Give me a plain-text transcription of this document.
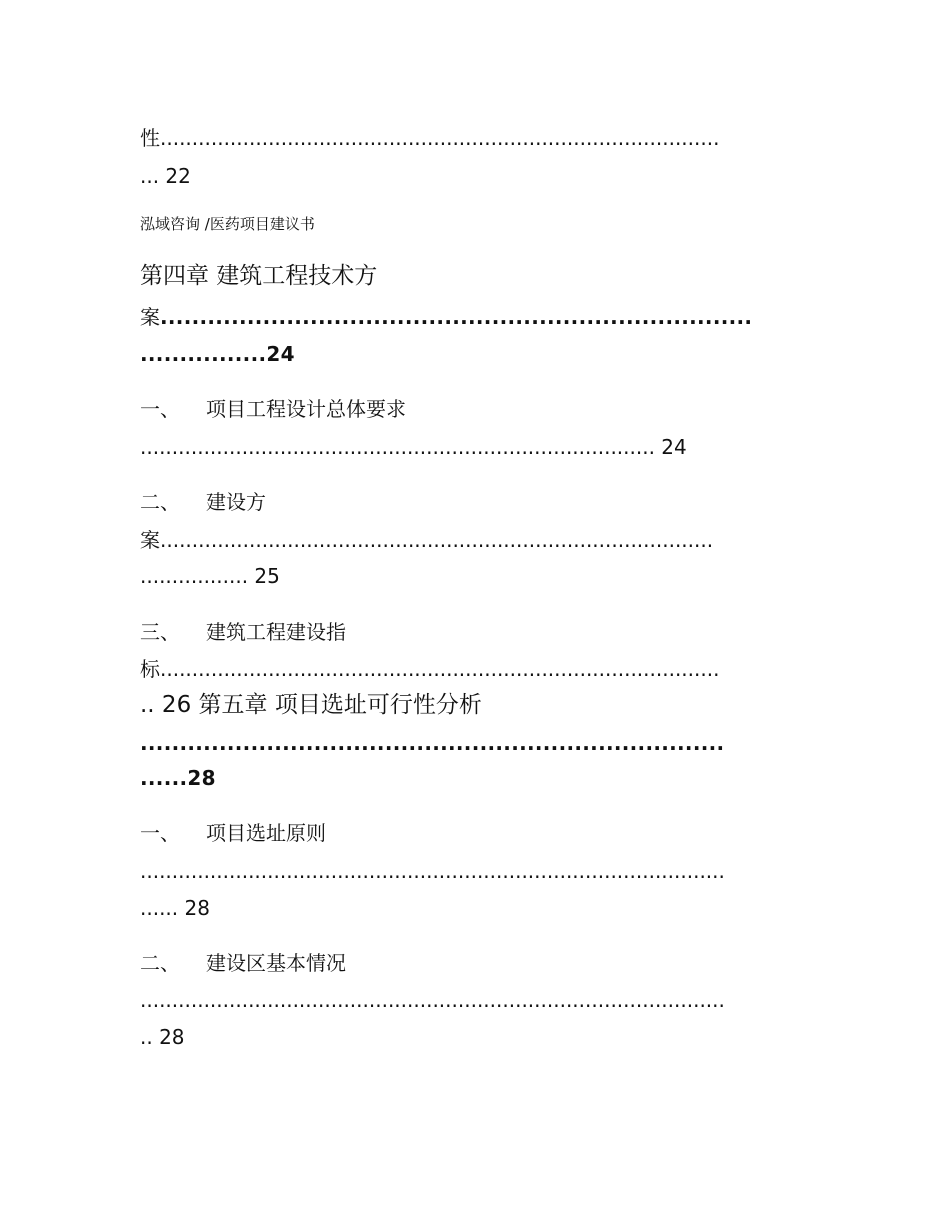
性........................................................................................
... 22
泓域咨询 /医药项目建议书
第四章 建筑工程技术方
案...........................................................................
................24
一、 项目工程设计总体要求
................................................................................. 24
二、 建设方
案.......................................................................................
................. 25
三、 建筑工程建设指
标........................................................................................
.. 26 第五章 项目选址可行性分析
..........................................................................
......28
一、 项目选址原则
............................................................................................
...... 28
二、 建设区基本情况
............................................................................................
.. 28
